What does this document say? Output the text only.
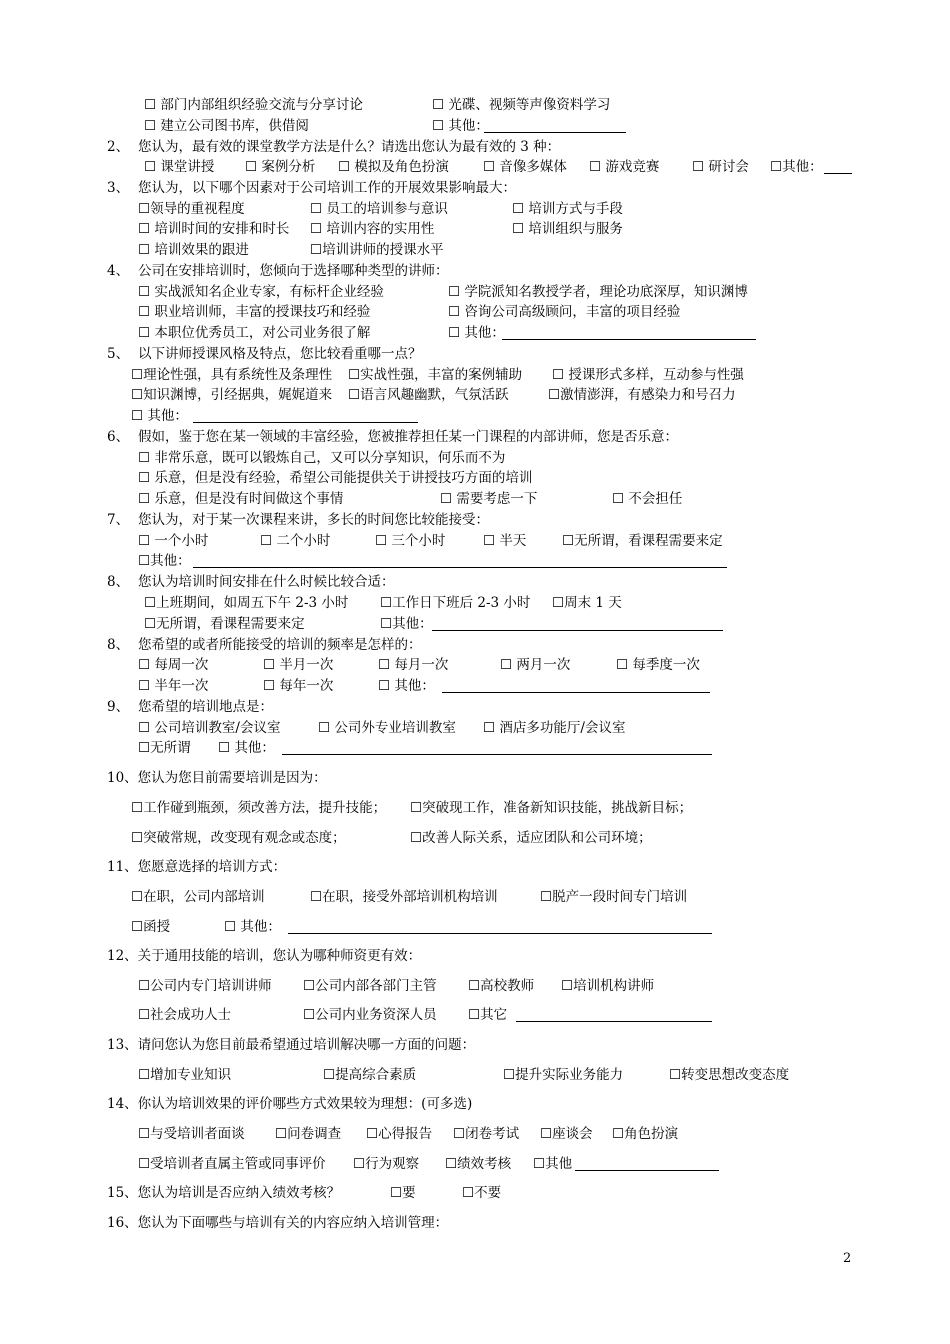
☐ 部门内部组织经验交流与分享讨论	☐ 光碟、视频等声像资料学习
☐ 建立公司图书库，供借阅	☐ 其他：
2、 您认为，最有效的课堂教学方法是什么？请选出您认为最有效的 3 种：
☐ 课堂讲授 ☐ 案例分析 ☐ 模拟及角色扮演	☐ 音像多媒体 ☐ 游戏竞赛 ☐ 研讨会 ☐其他：
3、 您认为，以下哪个因素对于公司培训工作的开展效果影响最大：
☐领导的重视程度	☐ 员工的培训参与意识	☐ 培训方式与手段
☐ 培训时间的安排和时长 ☐ 培训内容的实用性	☐ 培训组织与服务
☐ 培训效果的跟进	☐培训讲师的授课水平
4、 公司在安排培训时，您倾向于选择哪种类型的讲师：
☐ 实战派知名企业专家，有标杆企业经验	☐ 学院派知名教授学者，理论功底深厚，知识渊博
☐ 职业培训师，丰富的授课技巧和经验	☐ 咨询公司高级顾问，丰富的项目经验
☐ 本职位优秀员工，对公司业务很了解	☐ 其他：
5、 以下讲师授课风格及特点，您比较看重哪一点？
☐理论性强，具有系统性及条理性 ☐实战性强，丰富的案例辅助 ☐ 授课形式多样，互动参与性强
☐知识渊博，引经据典，娓娓道来 ☐语言风趣幽默，气氛活跃	☐激情澎湃，有感染力和号召力
☐ 其他：
6、 假如，鉴于您在某一领域的丰富经验，您被推荐担任某一门课程的内部讲师，您是否乐意：
☐ 非常乐意，既可以锻炼自己，又可以分享知识，何乐而不为
☐ 乐意，但是没有经验，希望公司能提供关于讲授技巧方面的培训
☐ 乐意，但是没有时间做这个事情	☐ 需要考虑一下	☐ 不会担任
7、 您认为，对于某一次课程来讲，多长的时间您比较能接受：
☐ 一个小时	☐ 二个小时	☐ 三个小时	☐ 半天	☐无所谓，看课程需要来定
☐其他：
8、 您认为培训时间安排在什么时候比较合适：
☐上班期间，如周五下午 2-3 小时 ☐工作日下班后 2-3 小时 ☐周末 1 天
☐无所谓，看课程需要来定	☐其他：
8、 您希望的或者所能接受的培训的频率是怎样的：
☐ 每周一次	☐ 半月一次	☐ 每月一次	☐ 两月一次	☐ 每季度一次
☐ 半年一次	☐ 每年一次	☐ 其他：
9、 您希望的培训地点是：
☐ 公司培训教室/会议室	☐ 公司外专业培训教室 ☐ 酒店多功能厅/会议室
☐无所谓 ☐ 其他：
10、您认为您目前需要培训是因为：
☐工作碰到瓶颈，须改善方法，提升技能； ☐突破现工作，准备新知识技能，挑战新目标；
☐突破常规，改变现有观念或态度；	☐改善人际关系，适应团队和公司环境；
11、您愿意选择的培训方式：
☐在职，公司内部培训	☐在职，接受外部培训机构培训	☐脱产一段时间专门培训
☐函授	☐ 其他：
12、关于通用技能的培训，您认为哪种师资更有效：
☐公司内专门培训讲师 ☐公司内部各部门主管 ☐高校教师 ☐培训机构讲师
☐社会成功人士	☐公司内业务资深人员 ☐其它
13、请问您认为您目前最希望通过培训解决哪一方面的问题：
☐增加专业知识	☐提高综合素质	☐提升实际业务能力	☐转变思想改变态度
14、你认为培训效果的评价哪些方式效果较为理想：(可多选)
☐与受培训者面谈 ☐问卷调查 ☐心得报告 ☐闭卷考试 ☐座谈会 ☐角色扮演
☐受培训者直属主管或同事评价 ☐行为观察 ☐绩效考核 ☐其他
15、您认为培训是否应纳入绩效考核？	☐要	☐不要
16、您认为下面哪些与培训有关的内容应纳入培训管理：
2
